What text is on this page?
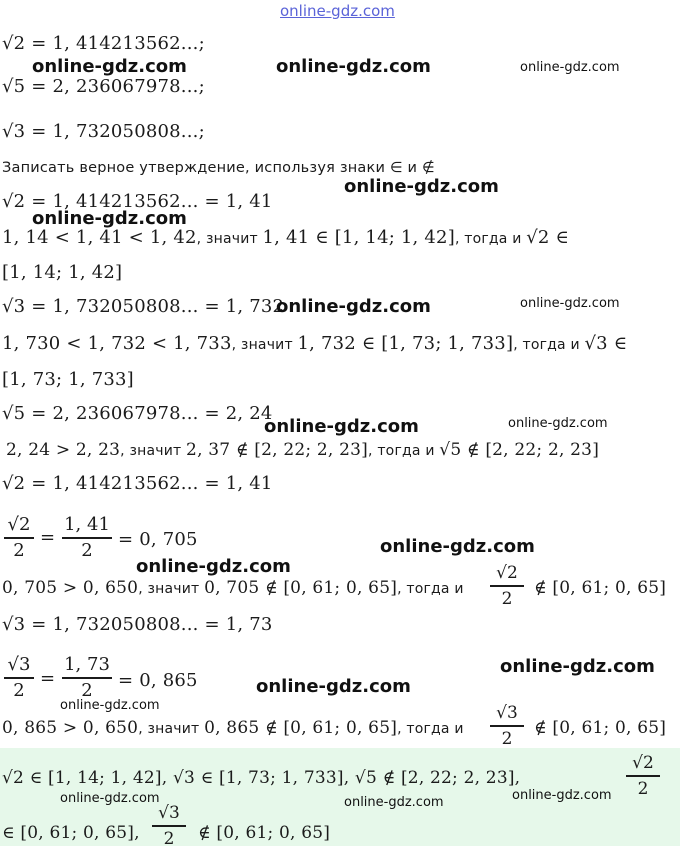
online-gdz.com
√2 = 1, 414213562...;
√5 = 2, 236067978...;
√3 = 1, 732050808...;
Записать верное утверждение, используя знаки ∈ и ∉
√2 = 1, 414213562... = 1, 41
1, 14 < 1, 41 < 1, 42, значит 1, 41 ∈ [1, 14; 1, 42], тогда и √2 ∈
[1, 14; 1, 42]
√3 = 1, 732050808... = 1, 732
1, 730 < 1, 732 < 1, 733, значит 1, 732 ∈ [1, 73; 1, 733], тогда и √3 ∈
[1, 73; 1, 733]
√5 = 2, 236067978... = 2, 24
2, 24 > 2, 23, значит 2, 37 ∉ [2, 22; 2, 23], тогда и √5 ∉ [2, 22; 2, 23]
√2 = 1, 414213562... = 1, 41
√2
2
=
1, 41
2	= 0, 705
0, 705 > 0, 650, значит 0, 705 ∉ [0, 61; 0, 65], тогда и
√2
2
∉ [0, 61; 0, 65]
√3 = 1, 732050808... = 1, 73
√3
2
=
1, 73
2	= 0, 865
0, 865 > 0, 650, значит 0, 865 ∉ [0, 61; 0, 65], тогда и
√3
2
∉ [0, 61; 0, 65]
√2 ∈ [1, 14; 1, 42], √3 ∈ [1, 73; 1, 733], √5 ∉ [2, 22; 2, 23],
√2
2
∈ [0, 61; 0, 65],
√3
2	∉ [0, 61; 0, 65]
online-gdz.com	online-gdz.com	online-gdz.com
online-gdz.com
online-gdz.com
online-gdz.com	online-gdz.com
online-gdz.com	online-gdz.com
online-gdz.com
online-gdz.com
online-gdz.com
online-gdz.com
online-gdz.com
online-gdz.com	online-gdz.com	online-gdz.com
